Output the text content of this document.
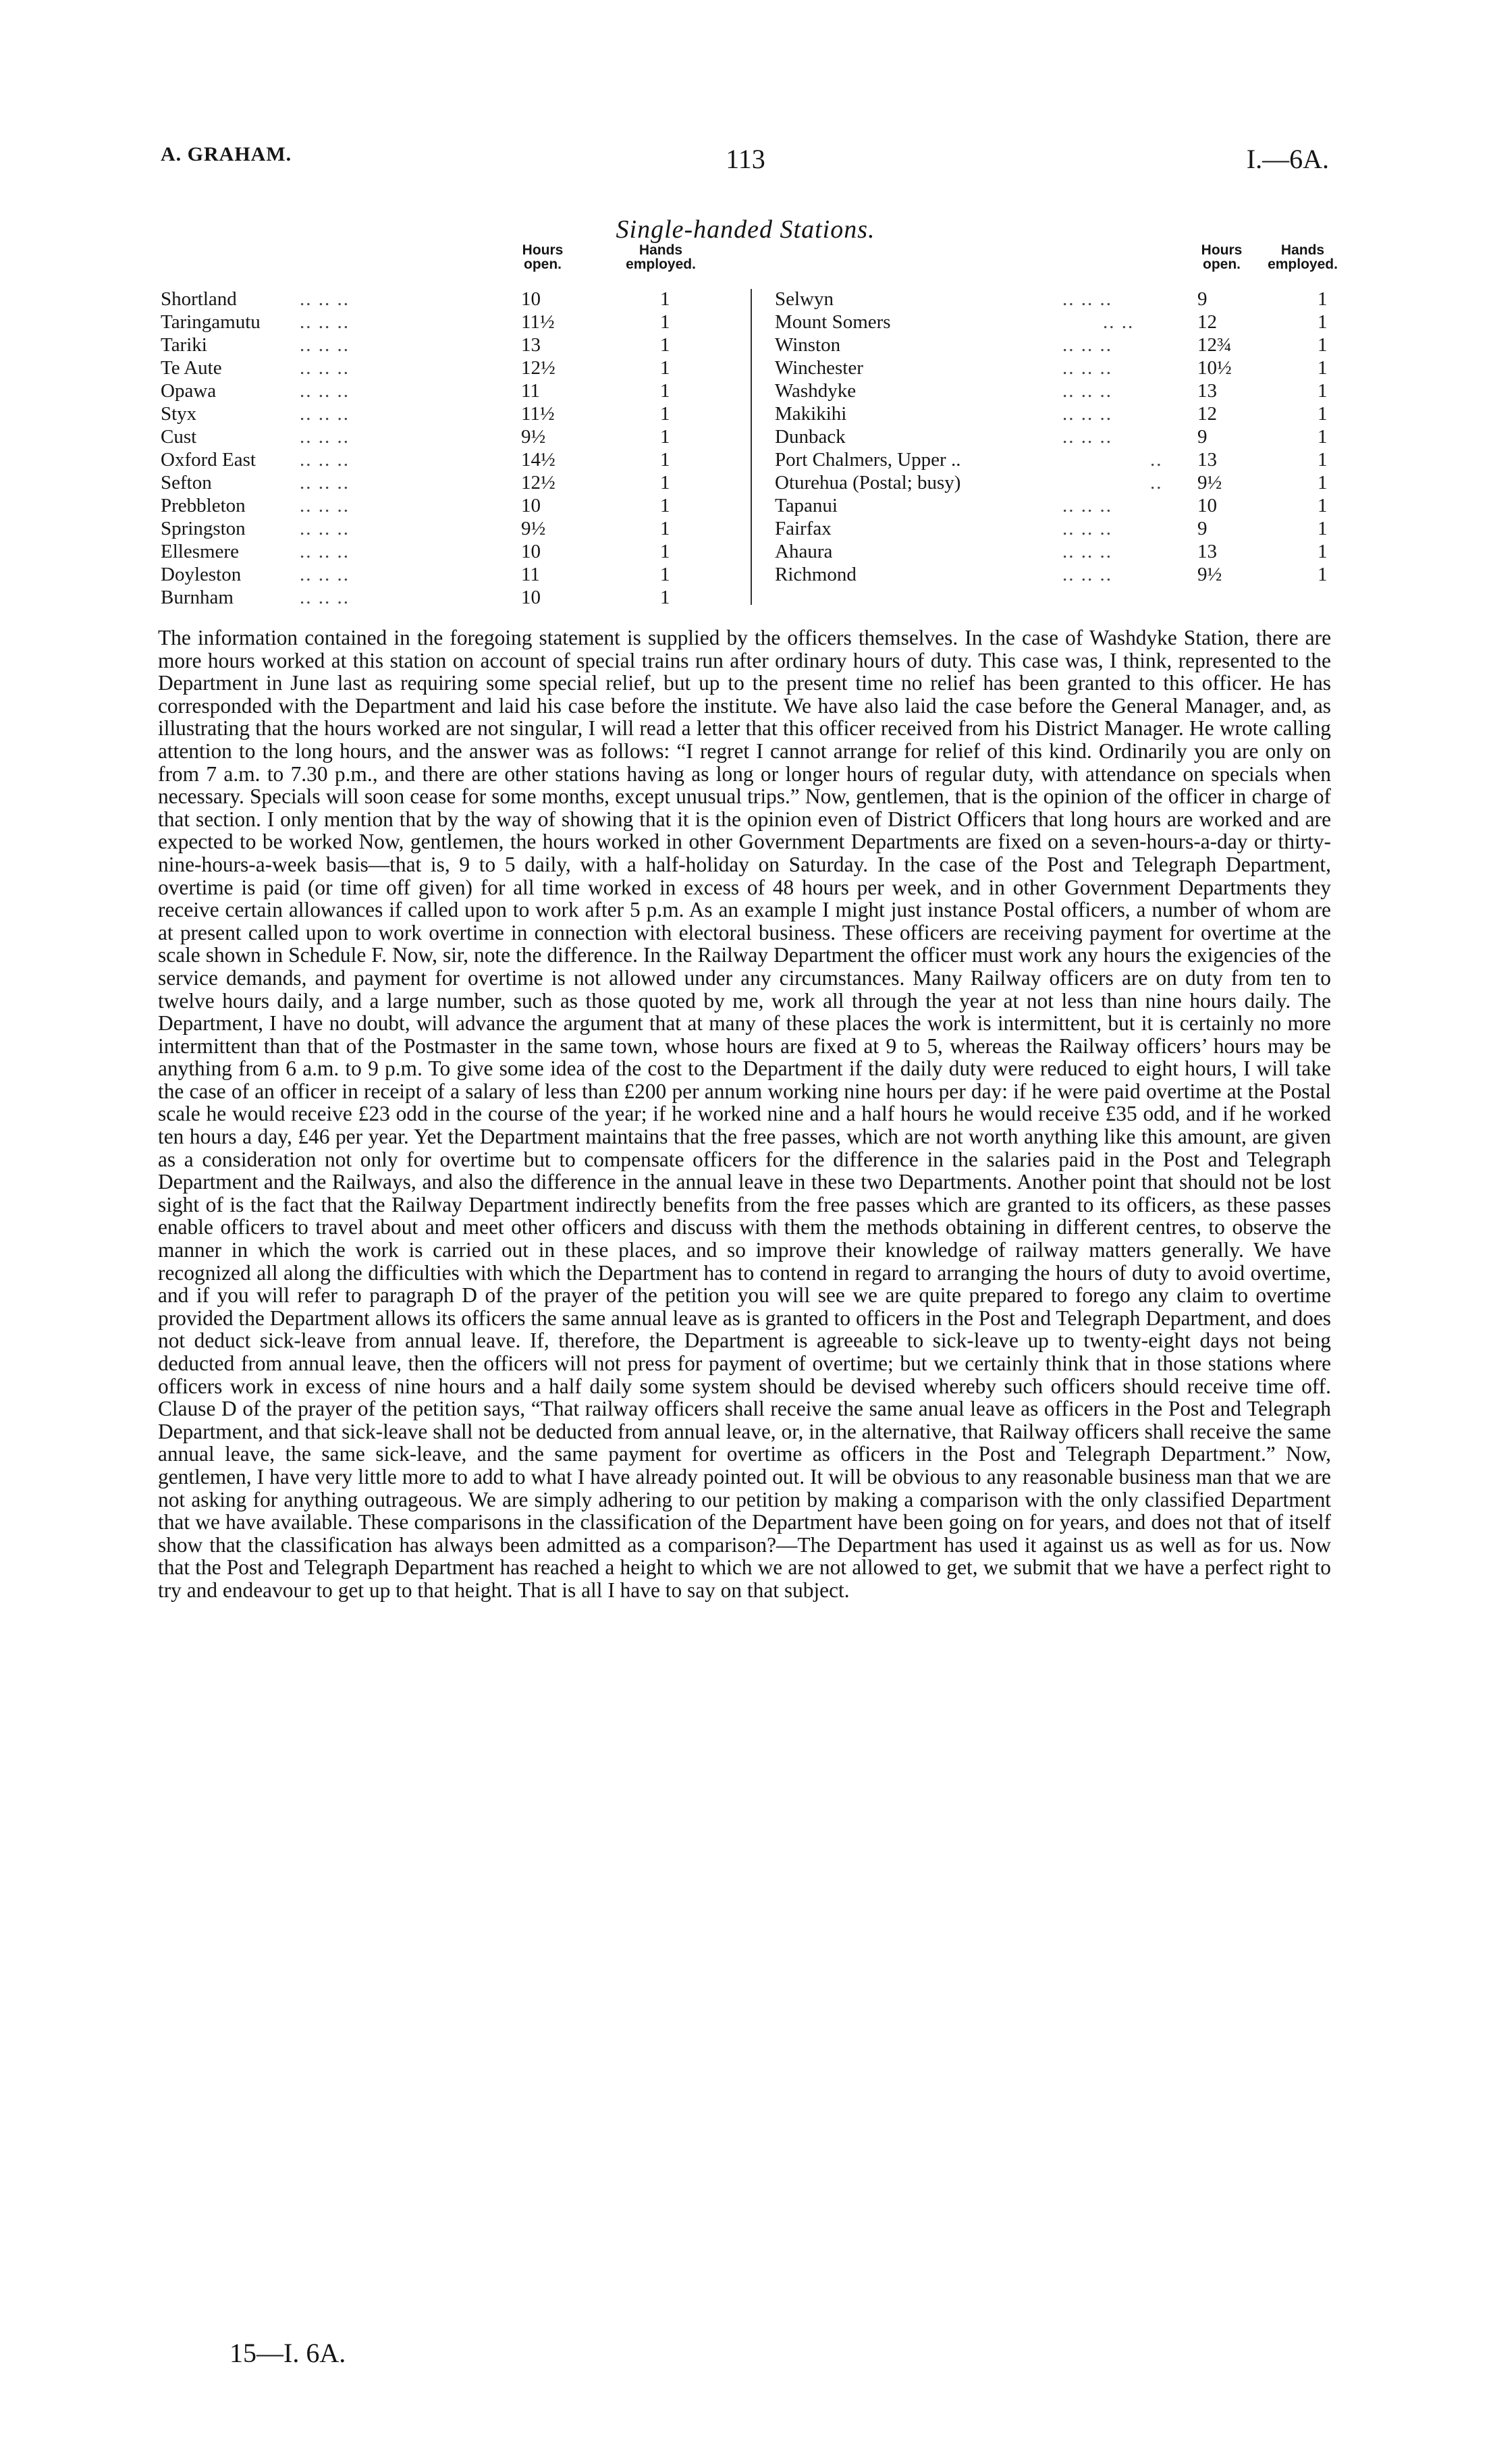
A. GRAHAM.	113	I.—6A.
Single-handed Stations.
Hours open.
Hands employed.
Shortland	.. .. ..	10	1
Taringamutu .. .. ..	11½	1
Tariki	.. .. ..	13	1
Te Aute	.. .. ..	12½	1
Opawa	.. .. ..	11	1
Styx	.. .. ..	11½	1
Cust	.. .. ..	9½	1
Oxford East .. .. ..	14½	1
Sefton	.. .. ..	12½	1
Prebbleton	.. .. ..	10	1
Springston	.. .. ..	9½	1
Ellesmere	.. .. ..	10	1
Doyleston	.. .. ..	11	1
Burnham	.. .. ..	10	1
Hours open.
Hands employed.
Selwyn	.. .. ..	9	1
Mount Somers	.. ..	12	1
Winston	.. .. ..	12¾	1
Winchester	.. .. ..	10½	1
Washdyke	.. .. ..	13	1
Makikihi	.. .. ..	12	1
Dunback	.. .. ..	9	1
Port Chalmers, Upper ..	.. 13	1
Oturehua (Postal; busy)	.. 9½	1
Tapanui	.. .. ..	10	1
Fairfax	.. .. ..	9	1
Ahaura	.. .. ..	13	1
Richmond	.. .. ..	9½	1

The information contained in the foregoing statement is supplied by the officers themselves. In the case of Washdyke Station, there are more hours worked at this station on account of special trains run after ordinary hours of duty. This case was, I think, represented to the Department in June last as requiring some special relief, but up to the present time no relief has been granted to this officer. He has corresponded with the Department and laid his case before the institute. We have also laid the case before the General Manager, and, as illustrating that the hours worked are not singular, I will read a letter that this officer received from his District Manager. He wrote calling attention to the long hours, and the answer was as follows: “I regret I cannot arrange for relief of this kind. Ordinarily you are only on from 7 a.m. to 7.30 p.m., and there are other stations having as long or longer hours of regular duty, with attendance on specials when necessary. Specials will soon cease for some months, except unusual trips.” Now, gentlemen, that is the opinion of the officer in charge of that section. I only mention that by the way of showing that it is the opinion even of District Officers that long hours are worked and are expected to be worked Now, gentlemen, the hours worked in other Government Departments are fixed on a seven-hours-a-day or thirty-nine-hours-a-week basis—that is, 9 to 5 daily, with a half-holiday on Saturday. In the case of the Post and Telegraph Department, overtime is paid (or time off given) for all time worked in excess of 48 hours per week, and in other Government Departments they receive certain allowances if called upon to work after 5 p.m. As an example I might just instance Postal officers, a number of whom are at present called upon to work overtime in connection with electoral business. These officers are receiving payment for overtime at the scale shown in Schedule F. Now, sir, note the difference. In the Railway Department the officer must work any hours the exigencies of the service demands, and payment for overtime is not allowed under any circumstances. Many Railway officers are on duty from ten to twelve hours daily, and a large number, such as those quoted by me, work all through the year at not less than nine hours daily. The Department, I have no doubt, will advance the argument that at many of these places the work is intermittent, but it is certainly no more intermittent than that of the Postmaster in the same town, whose hours are fixed at 9 to 5, whereas the Railway officers’ hours may be anything from 6 a.m. to 9 p.m. To give some idea of the cost to the Department if the daily duty were reduced to eight hours, I will take the case of an officer in receipt of a salary of less than £200 per annum working nine hours per day: if he were paid overtime at the Postal scale he would receive £23 odd in the course of the year; if he worked nine and a half hours he would receive £35 odd, and if he worked ten hours a day, £46 per year. Yet the Department maintains that the free passes, which are not worth anything like this amount, are given as a consideration not only for overtime but to compensate officers for the difference in the salaries paid in the Post and Telegraph Department and the Railways, and also the difference in the annual leave in these two Departments. Another point that should not be lost sight of is the fact that the Railway Department indirectly benefits from the free passes which are granted to its officers, as these passes enable officers to travel about and meet other officers and discuss with them the methods obtaining in different centres, to observe the manner in which the work is carried out in these places, and so improve their knowledge of railway matters generally. We have recognized all along the difficulties with which the Department has to contend in regard to arranging the hours of duty to avoid overtime, and if you will refer to paragraph D of the prayer of the petition you will see we are quite prepared to forego any claim to overtime provided the Department allows its officers the same annual leave as is granted to officers in the Post and Telegraph Department, and does not deduct sick-leave from annual leave. If, therefore, the Department is agreeable to sick-leave up to twenty-eight days not being deducted from annual leave, then the officers will not press for payment of overtime; but we certainly think that in those stations where officers work in excess of nine hours and a half daily some system should be devised whereby such officers should receive time off. Clause D of the prayer of the petition says, “That railway officers shall receive the same anual leave as officers in the Post and Telegraph Department, and that sick-leave shall not be deducted from annual leave, or, in the alternative, that Railway officers shall receive the same annual leave, the same sick-leave, and the same payment for overtime as officers in the Post and Telegraph Department.” Now, gentlemen, I have very little more to add to what I have already pointed out. It will be obvious to any reasonable business man that we are not asking for anything outrageous. We are simply adhering to our petition by making a comparison with the only classified Department that we have available. These comparisons in the classification of the Department have been going on for years, and does not that of itself show that the classification has always been admitted as a comparison?—The Department has used it against us as well as for us. Now that the Post and Telegraph Department has reached a height to which we are not allowed to get, we submit that we have a perfect right to try and endeavour to get up to that height. That is all I have to say on that subject.

15—I. 6A.
